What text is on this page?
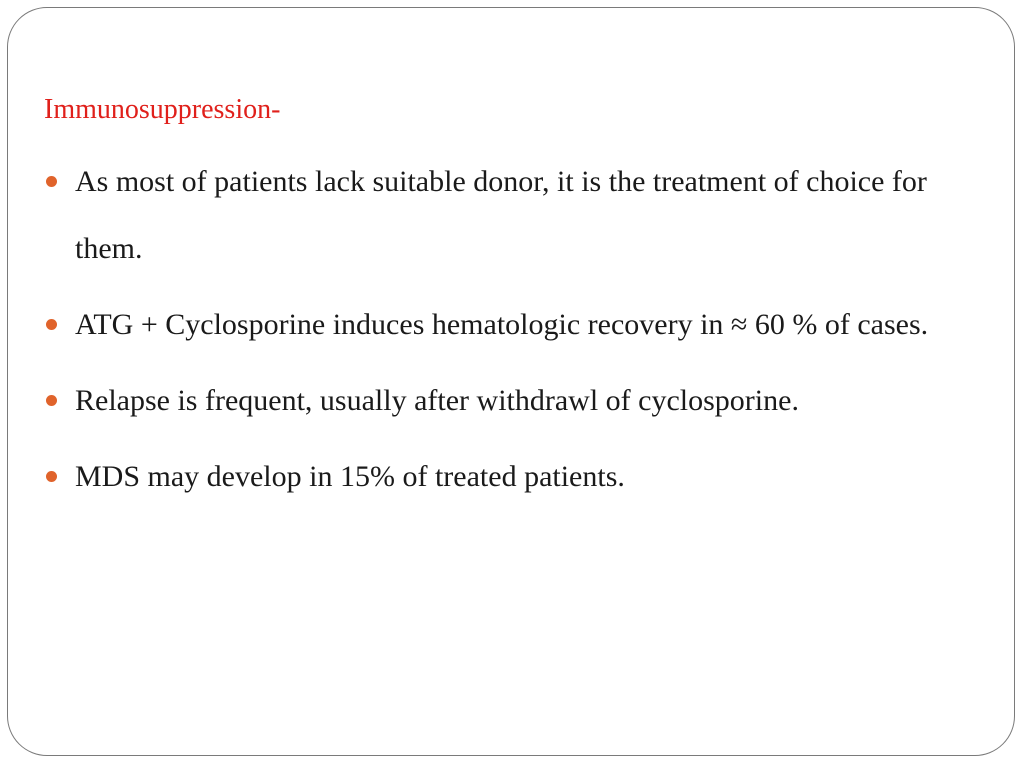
Immunosuppression-
As most of patients lack suitable donor, it is the treatment of choice for them.
ATG + Cyclosporine induces hematologic recovery in ≈ 60 % of cases.
Relapse is frequent, usually after withdrawl of cyclosporine.
MDS may develop in 15% of treated patients.
